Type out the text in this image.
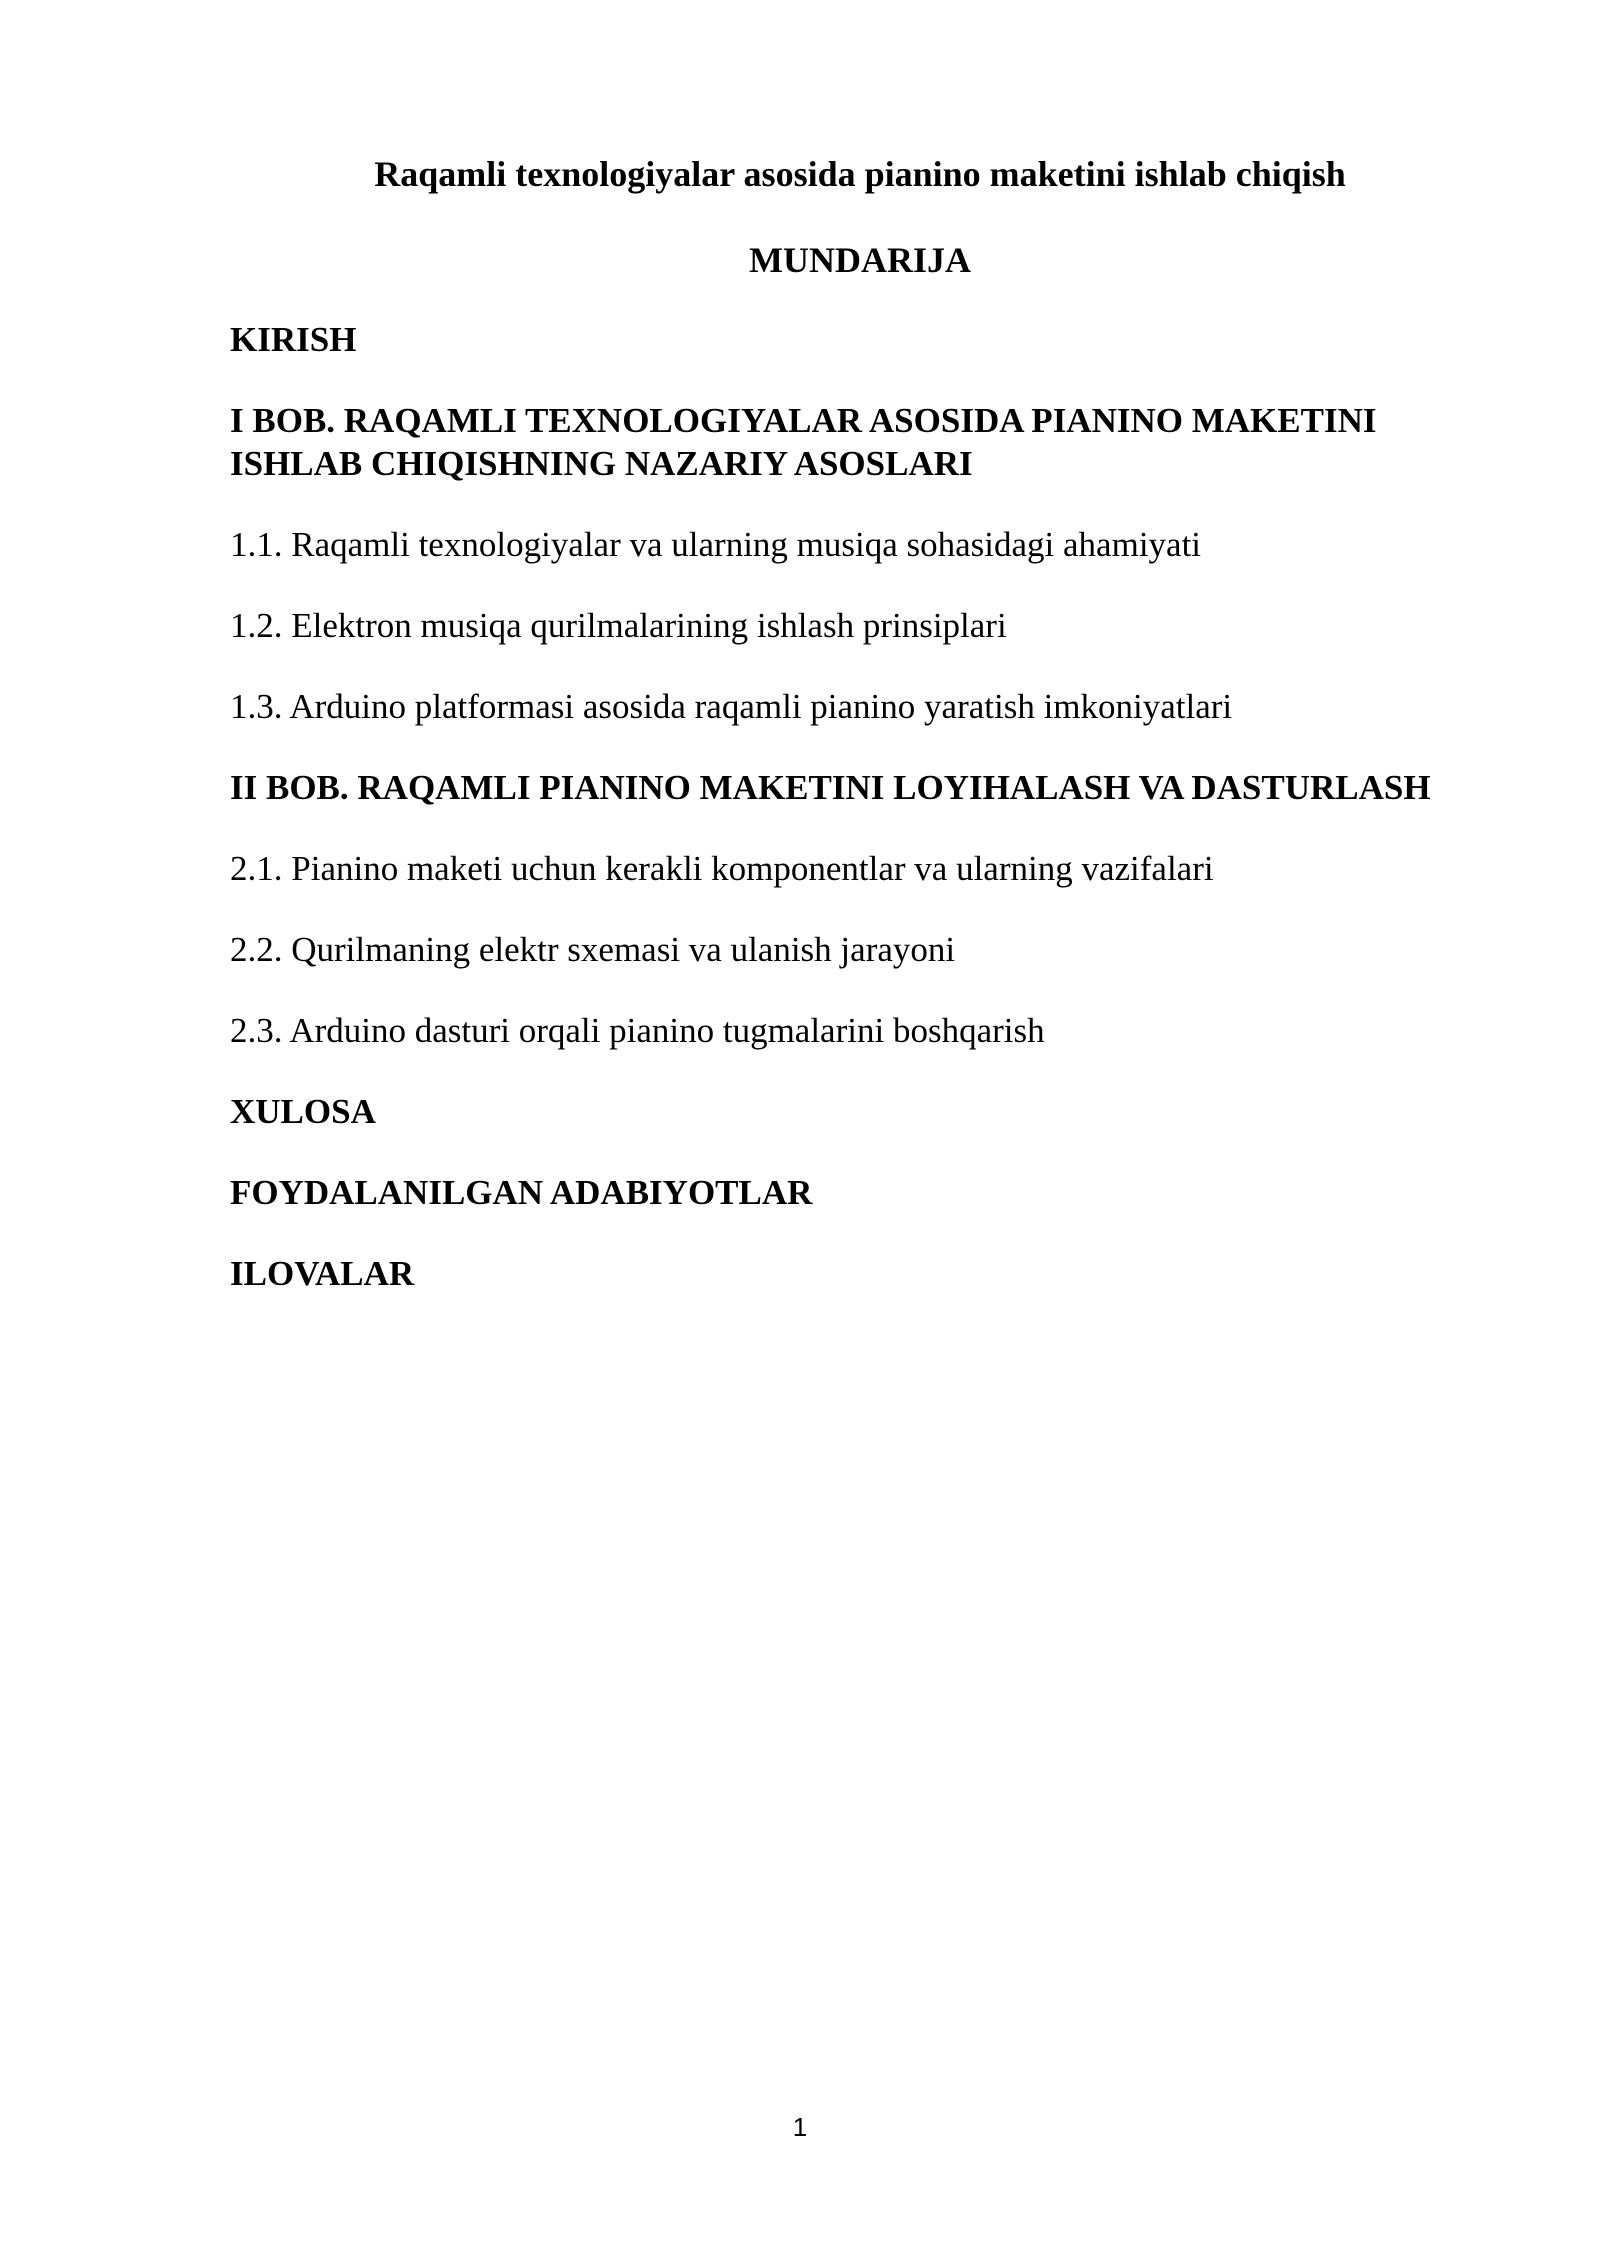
Raqamli texnologiyalar asosida pianino maketini ishlab chiqish
MUNDARIJA
KIRISH
I BOB. RAQAMLI TEXNOLOGIYALAR ASOSIDA PIANINO MAKETINI ISHLAB CHIQISHNING NAZARIY ASOSLARI
1.1. Raqamli texnologiyalar va ularning musiqa sohasidagi ahamiyati
1.2. Elektron musiqa qurilmalarining ishlash prinsiplari
1.3. Arduino platformasi asosida raqamli pianino yaratish imkoniyatlari
II BOB. RAQAMLI PIANINO MAKETINI LOYIHALASH VA DASTURLASH
2.1. Pianino maketi uchun kerakli komponentlar va ularning vazifalari
2.2. Qurilmaning elektr sxemasi va ulanish jarayoni
2.3. Arduino dasturi orqali pianino tugmalarini boshqarish
XULOSA
FOYDALANILGAN ADABIYOTLAR
ILOVALAR
1
